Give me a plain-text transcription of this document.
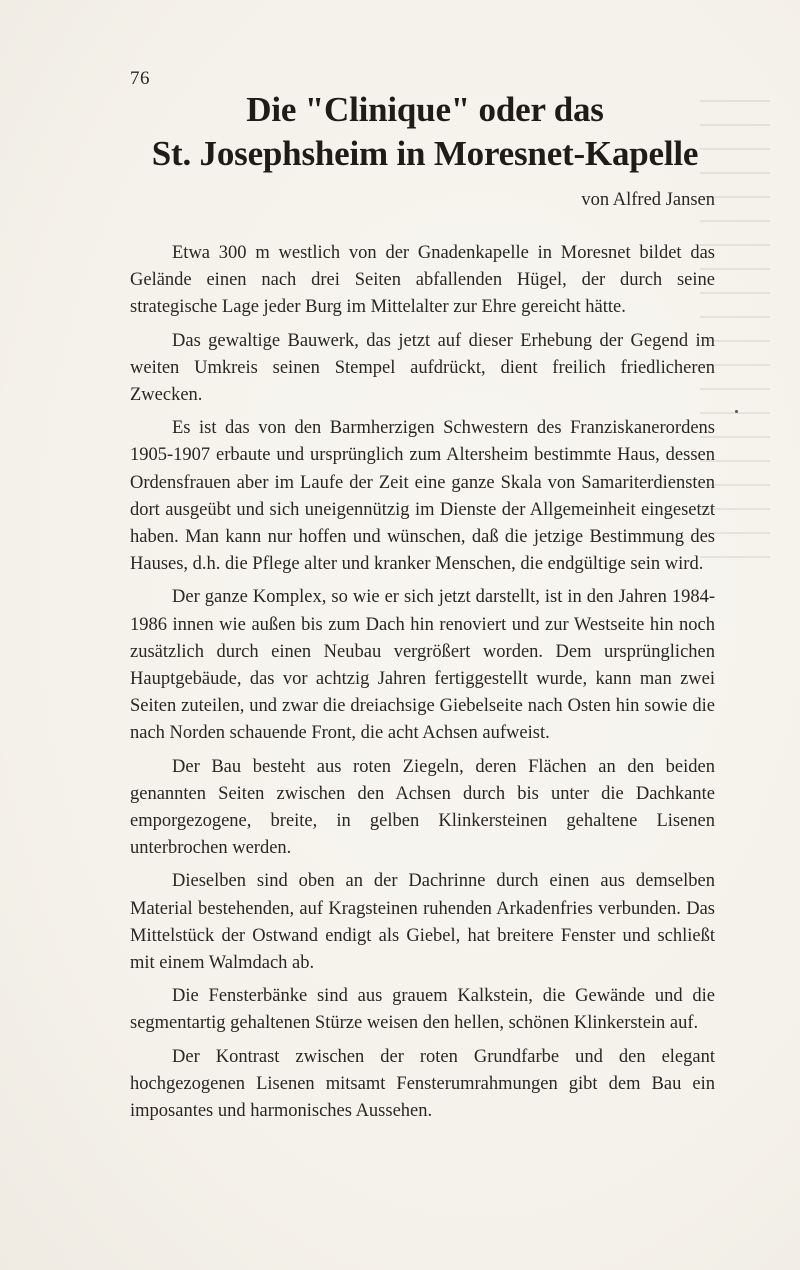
76
Die "Clinique" oder das
St. Josephsheim in Moresnet-Kapelle
von Alfred Jansen

Etwa 300 m westlich von der Gnadenkapelle in Moresnet bildet das Gelände einen nach drei Seiten abfallenden Hügel, der durch seine strategische Lage jeder Burg im Mittelalter zur Ehre gereicht hätte.

Das gewaltige Bauwerk, das jetzt auf dieser Erhebung der Gegend im weiten Umkreis seinen Stempel aufdrückt, dient freilich friedlicheren Zwecken.

Es ist das von den Barmherzigen Schwestern des Franziskanerordens 1905-1907 erbaute und ursprünglich zum Altersheim bestimmte Haus, dessen Ordensfrauen aber im Laufe der Zeit eine ganze Skala von Samariterdiensten dort ausgeübt und sich uneigennützig im Dienste der Allgemeinheit eingesetzt haben. Man kann nur hoffen und wünschen, daß die jetzige Bestimmung des Hauses, d.h. die Pflege alter und kranker Menschen, die endgültige sein wird.

Der ganze Komplex, so wie er sich jetzt darstellt, ist in den Jahren 1984-1986 innen wie außen bis zum Dach hin renoviert und zur Westseite hin noch zusätzlich durch einen Neubau vergrößert worden. Dem ursprünglichen Hauptgebäude, das vor achtzig Jahren fertiggestellt wurde, kann man zwei Seiten zuteilen, und zwar die dreiachsige Giebelseite nach Osten hin sowie die nach Norden schauende Front, die acht Achsen aufweist.

Der Bau besteht aus roten Ziegeln, deren Flächen an den beiden genannten Seiten zwischen den Achsen durch bis unter die Dachkante emporgezogene, breite, in gelben Klinkersteinen gehaltene Lisenen unterbrochen werden.

Dieselben sind oben an der Dachrinne durch einen aus demselben Material bestehenden, auf Kragsteinen ruhenden Arkadenfries verbunden. Das Mittelstück der Ostwand endigt als Giebel, hat breitere Fenster und schließt mit einem Walmdach ab.

Die Fensterbänke sind aus grauem Kalkstein, die Gewände und die segmentartig gehaltenen Stürze weisen den hellen, schönen Klinkerstein auf.

Der Kontrast zwischen der roten Grundfarbe und den elegant hochgezogenen Lisenen mitsamt Fensterumrahmungen gibt dem Bau ein imposantes und harmonisches Aussehen.
